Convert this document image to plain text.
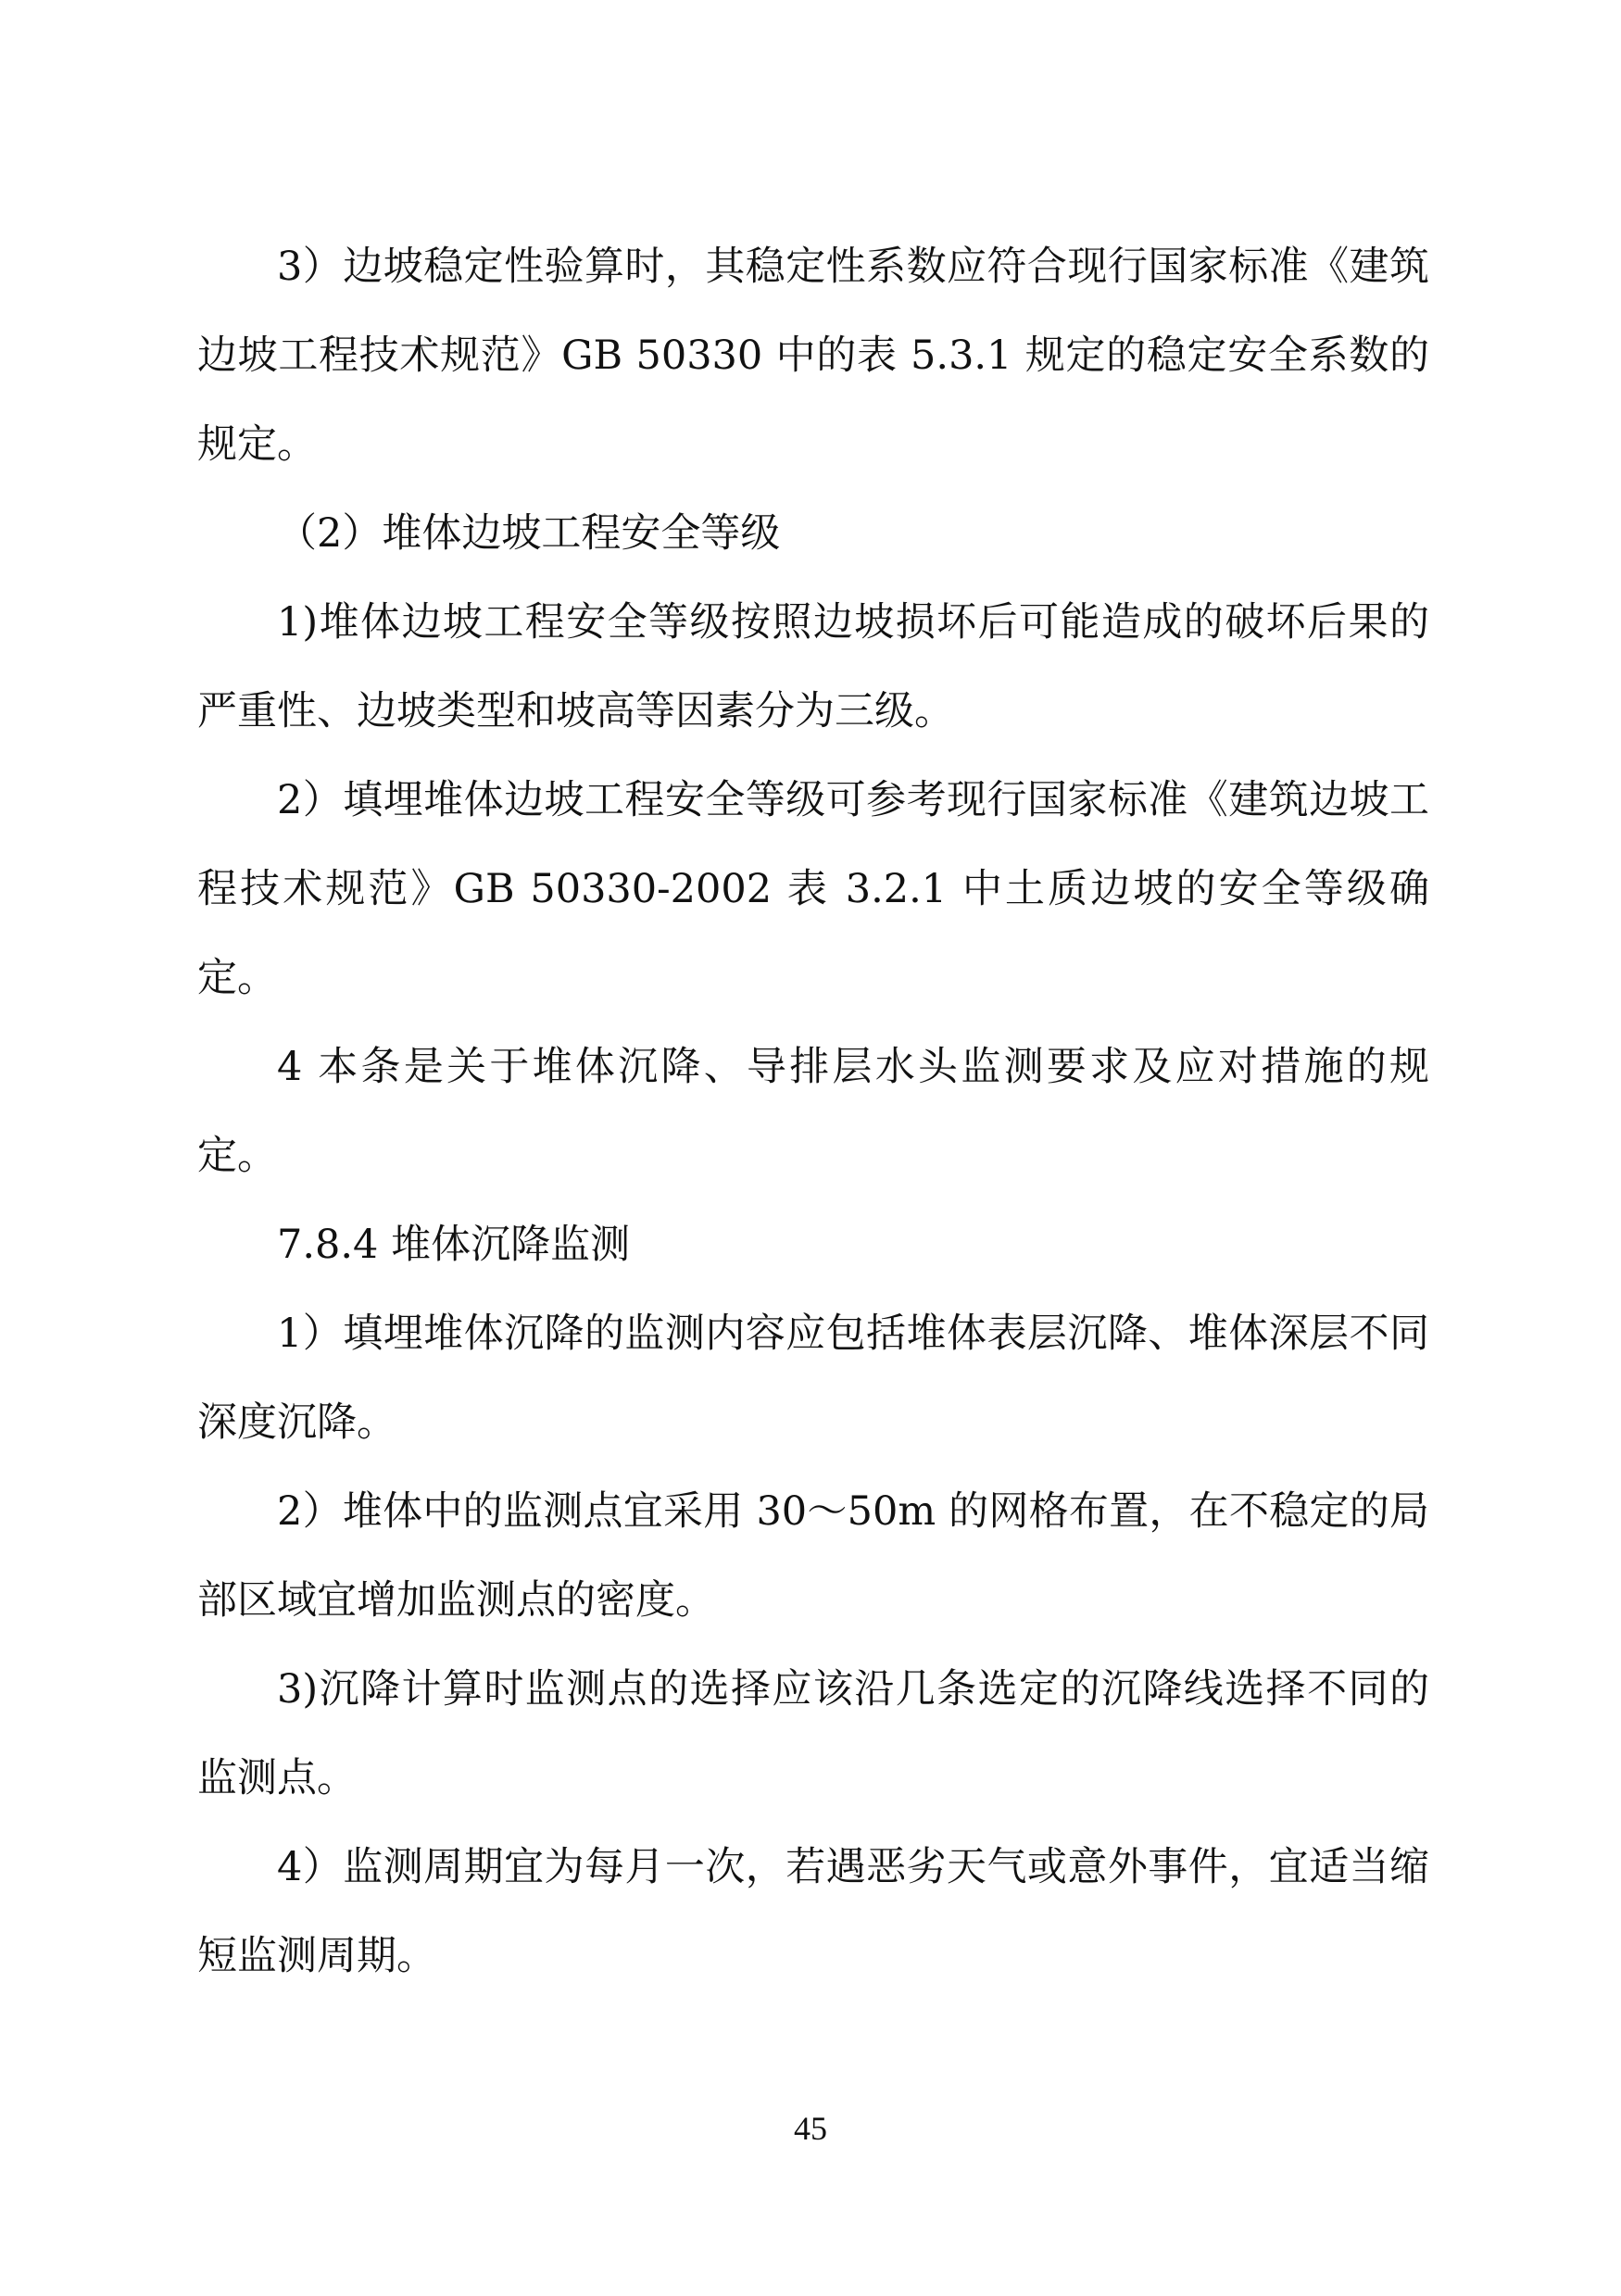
3）边坡稳定性验算时，其稳定性系数应符合现行国家标准《建筑边坡工程技术规范》GB 50330 中的表 5.3.1 规定的稳定安全系数的规定。

（2）堆体边坡工程安全等级

1)堆体边坡工程安全等级按照边坡损坏后可能造成的破坏后果的严重性、边坡类型和坡高等因素分为三级。

2）填埋堆体边坡工程安全等级可参考现行国家标准《建筑边坡工程技术规范》GB 50330-2002 表 3.2.1 中土质边坡的安全等级确定。

4 本条是关于堆体沉降、导排层水头监测要求及应对措施的规定。

7.8.4 堆体沉降监测

1）填埋堆体沉降的监测内容应包括堆体表层沉降、堆体深层不同深度沉降。

2）堆体中的监测点宜采用 30～50m 的网格布置，在不稳定的局部区域宜增加监测点的密度。

3)沉降计算时监测点的选择应该沿几条选定的沉降线选择不同的监测点。

4）监测周期宜为每月一次，若遇恶劣天气或意外事件，宜适当缩短监测周期。

45
